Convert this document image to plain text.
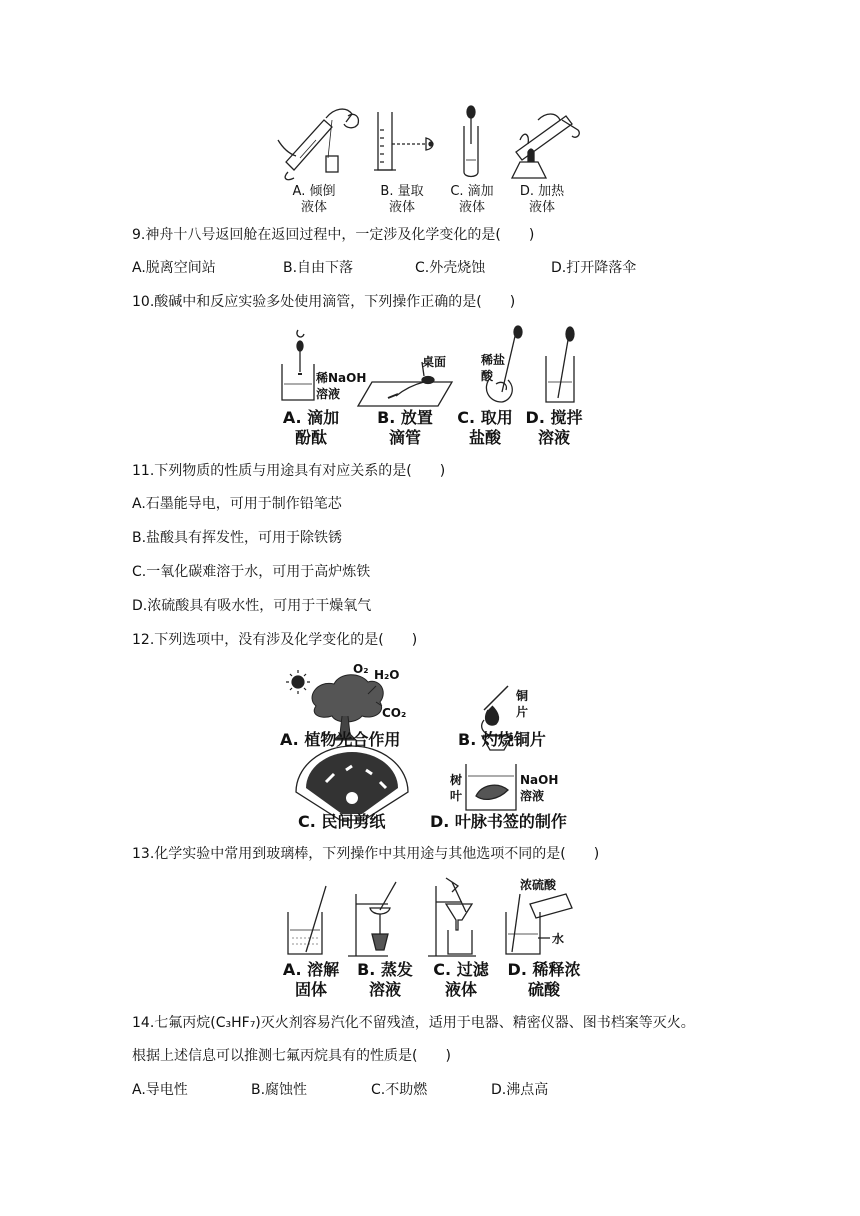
A. 倾倒
液体
B. 量取
液体
C. 滴加
液体
D. 加热
液体
9.神舟十八号返回舱在返回过程中，一定涉及化学变化的是(　　)
A.脱离空间站	B.自由下落	C.外壳烧蚀	D.打开降落伞
10.酸碱中和反应实验多处使用滴管，下列操作正确的是(　　)
稀NaOH
溶液
桌面	稀盐
酸
A. 滴加
酚酞
B. 放置
滴管
C. 取用
盐酸
D. 搅拌
溶液
11.下列物质的性质与用途具有对应关系的是(　　)
A.石墨能导电，可用于制作铅笔芯
B.盐酸具有挥发性，可用于除铁锈
C.一氧化碳难溶于水，可用于高炉炼铁
D.浓硫酸具有吸水性，可用于干燥氧气
12.下列选项中，没有涉及化学变化的是(　　)
O₂ H₂O
CO₂
铜
片
树
叶
NaOH
溶液
A. 植物光合作用	B. 灼烧铜片
C. 民间剪纸	D. 叶脉书签的制作
13.化学实验中常用到玻璃棒，下列操作中其用途与其他选项不同的是(　　)
浓硫酸
水
A. 溶解
固体
B. 蒸发
溶液
C. 过滤
液体
D. 稀释浓
硫酸
14.七氟丙烷(C₃HF₇)灭火剂容易汽化不留残渣，适用于电器、精密仪器、图书档案等灭火。
根据上述信息可以推测七氟丙烷具有的性质是(　　)
A.导电性	B.腐蚀性	C.不助燃	D.沸点高
